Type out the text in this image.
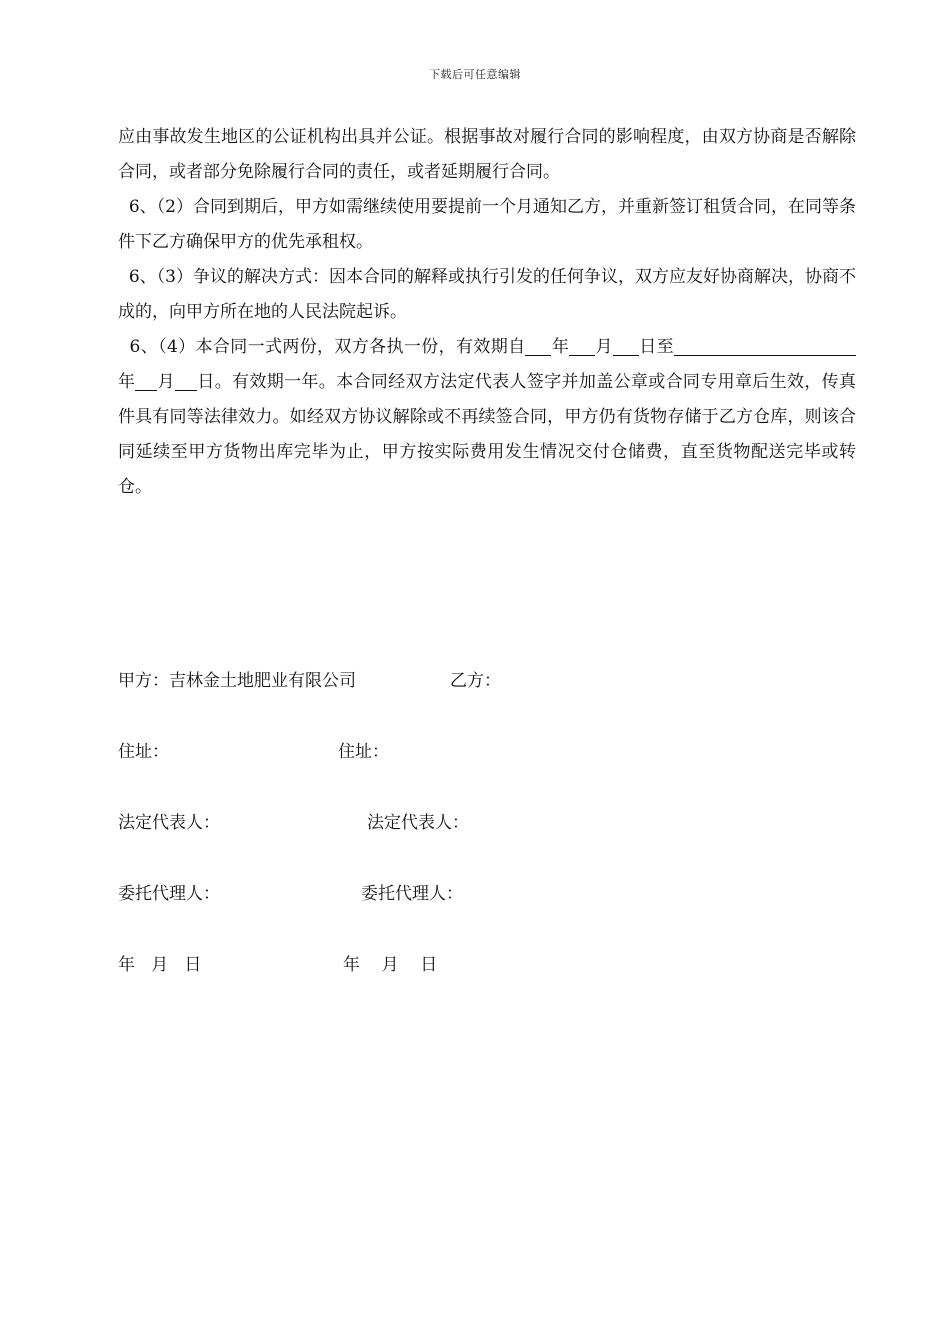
下载后可任意编辑

应由事故发生地区的公证机构出具并公证。根据事故对履行合同的影响程度，由双方协商是否解除合同，或者部分免除履行合同的责任，或者延期履行合同。

6、（2）合同到期后，甲方如需继续使用要提前一个月通知乙方，并重新签订租赁合同，在同等条件下乙方确保甲方的优先承租权。

6、（3）争议的解决方式：因本合同的解释或执行引发的任何争议，双方应友好协商解决，协商不成的，向甲方所在地的人民法院起诉。

6、（4）本合同一式两份，双方各执一份，有效期自 年 月 日至年 月 日。有效期一年。本合同经双方法定代表人签字并加盖公章或合同专用章后生效，传真件具有同等法律效力。如经双方协议解除或不再续签合同，甲方仍有货物存储于乙方仓库，则该合同延续至甲方货物出库完毕为止，甲方按实际费用发生情况交付仓储费，直至货物配送完毕或转仓。

甲方：吉林金土地肥业有限公司	乙方：
住址：	住址：
法定代表人：	法定代表人：
委托代理人：	委托代理人：
年   月   日	年    月    日
